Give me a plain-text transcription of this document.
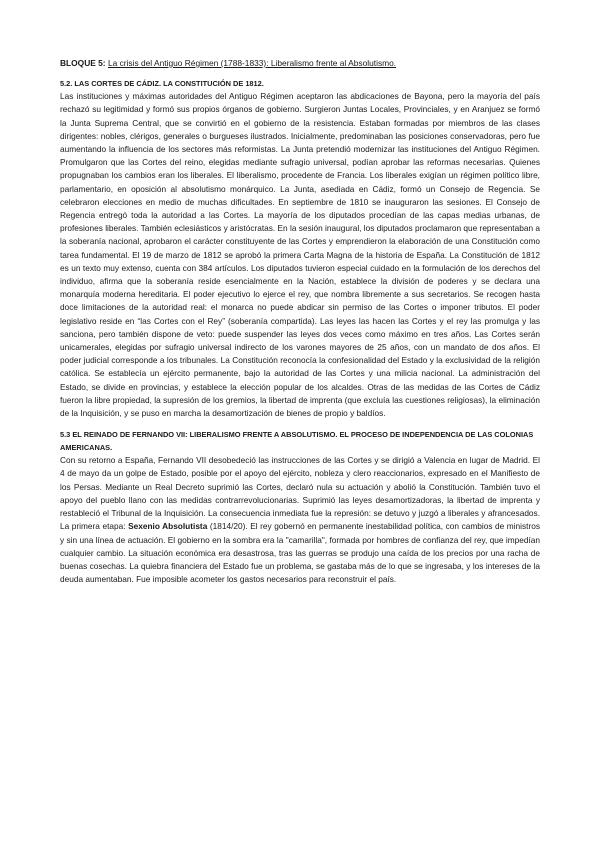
BLOQUE 5: La crisis del Antiguo Régimen (1788-1833): Liberalismo frente al Absolutismo.
5.2. LAS CORTES DE CÁDIZ. LA CONSTITUCIÓN DE 1812.

Las instituciones y máximas autoridades del Antiguo Régimen aceptaron las abdicaciones de Bayona, pero la mayoría del país rechazó su legitimidad y formó sus propios órganos de gobierno. Surgieron Juntas Locales, Provinciales, y en Aranjuez se formó la Junta Suprema Central, que se convirtió en el gobierno de la resistencia. Estaban formadas por miembros de las clases dirigentes: nobles, clérigos, generales o burgueses ilustrados. Inicialmente, predominaban las posiciones conservadoras, pero fue aumentando la influencia de los sectores más reformistas. La Junta pretendió modernizar las instituciones del Antiguo Régimen. Promulgaron que las Cortes del reino, elegidas mediante sufragio universal, podían aprobar las reformas necesarias. Quienes propugnaban los cambios eran los liberales. El liberalismo, procedente de Francia. Los liberales exigían un régimen político libre, parlamentario, en oposición al absolutismo monárquico. La Junta, asediada en Cádiz, formó un Consejo de Regencia. Se celebraron elecciones en medio de muchas dificultades. En septiembre de 1810 se inauguraron las sesiones. El Consejo de Regencia entregó toda la autoridad a las Cortes. La mayoría de los diputados procedían de las capas medias urbanas, de profesiones liberales. También eclesiásticos y aristócratas. En la sesión inaugural, los diputados proclamaron que representaban a la soberanía nacional, aprobaron el carácter constituyente de las Cortes y emprendieron la elaboración de una Constitución como tarea fundamental. El 19 de marzo de 1812 se aprobó la primera Carta Magna de la historia de España. La Constitución de 1812 es un texto muy extenso, cuenta con 384 artículos. Los diputados tuvieron especial cuidado en la formulación de los derechos del individuo, afirma que la soberanía reside esencialmente en la Nación, establece la división de poderes y se declara una monarquía moderna hereditaria. El poder ejecutivo lo ejerce el rey, que nombra libremente a sus secretarios. Se recogen hasta doce limitaciones de la autoridad real: el monarca no puede abdicar sin permiso de las Cortes o imponer tributos. El poder legislativo reside en “las Cortes con el Rey” (soberanía compartida). Las leyes las hacen las Cortes y el rey las promulga y las sanciona, pero también dispone de veto: puede suspender las leyes dos veces como máximo en tres años. Las Cortes serán unicamerales, elegidas por sufragio universal indirecto de los varones mayores de 25 años, con un mandato de dos años. El poder judicial corresponde a los tribunales. La Constitución reconocía la confesionalidad del Estado y la exclusividad de la religión católica. Se establecía un ejército permanente, bajo la autoridad de las Cortes y una milicia nacional. La administración del Estado, se divide en provincias, y establece la elección popular de los alcaldes. Otras de las medidas de las Cortes de Cádiz fueron la libre propiedad, la supresión de los gremios, la libertad de imprenta (que excluía las cuestiones religiosas), la eliminación de la Inquisición, y se puso en marcha la desamortización de bienes de propio y baldíos.

5.3 EL REINADO DE FERNANDO VII: LIBERALISMO FRENTE A ABSOLUTISMO. EL PROCESO DE INDEPENDENCIA DE LAS COLONIAS AMERICANAS.

Con su retorno a España, Fernando VII desobedeció las instrucciones de las Cortes y se dirigió a Valencia en lugar de Madrid. El 4 de mayo da un golpe de Estado, posible por el apoyo del ejército, nobleza y clero reaccionarios, expresado en el Manifiesto de los Persas. Mediante un Real Decreto suprimió las Cortes, declaró nula su actuación y abolió la Constitución. También tuvo el apoyo del pueblo llano con las medidas contrarrevolucionarias. Suprimió las leyes desamortizadoras, la libertad de imprenta y restableció el Tribunal de la Inquisición. La consecuencia inmediata fue la represión: se detuvo y juzgó a liberales y afrancesados. La primera etapa: Sexenio Absolutista (1814/20). El rey gobernó en permanente inestabilidad política, con cambios de ministros y sin una línea de actuación. El gobierno en la sombra era la "camarilla", formada por hombres de confianza del rey, que impedían cualquier cambio. La situación económica era desastrosa, tras las guerras se produjo una caída de los precios por una racha de buenas cosechas. La quiebra financiera del Estado fue un problema, se gastaba más de lo que se ingresaba, y los intereses de la deuda aumentaban. Fue imposible acometer los gastos necesarios para reconstruir el país.
